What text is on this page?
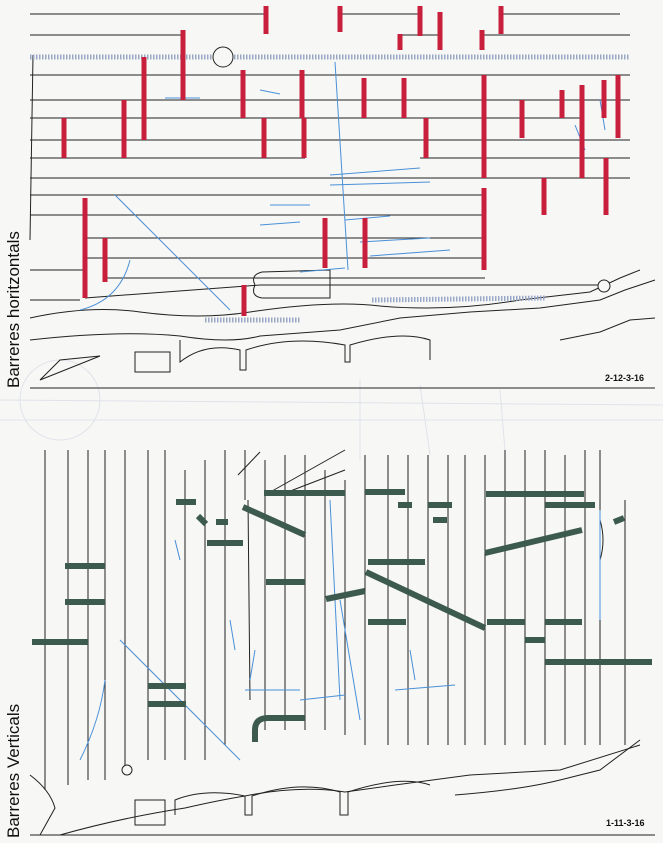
Barreres horitzontals
Barreres Verticals
2-12-3-16
1-11-3-16
